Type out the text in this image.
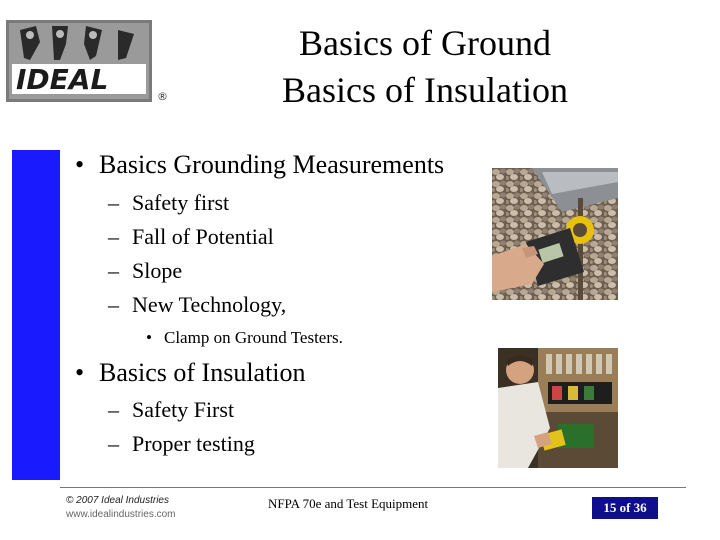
IDEAL
®
Basics of Ground
Basics of Insulation
• Basics Grounding Measurements
– Safety first
– Fall of Potential
– Slope
– New Technology,
• Clamp on Ground Testers.
• Basics of Insulation
– Safety First
– Proper testing
© 2007 Ideal Industries
www.idealindustries.com
NFPA 70e and Test Equipment	15 of 36
